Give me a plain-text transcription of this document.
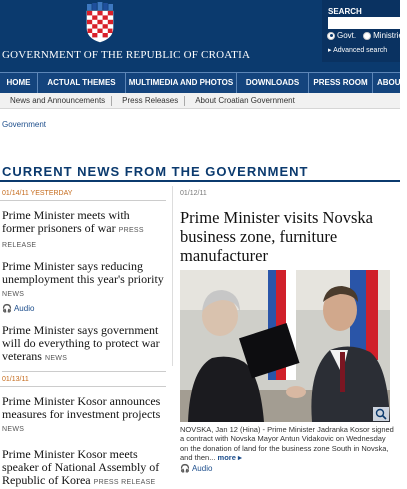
GOVERNMENT OF THE REPUBLIC OF CROATIA
SEARCH
Govt. Ministries
▸ Advanced search
HOME	ACTUAL THEMES	MULTIMEDIA AND PHOTOS	DOWNLOADS	PRESS ROOM	ABOUT
News and Announcements	Press Releases	About Croatian Government
Government
CURRENT NEWS FROM THE GOVERNMENT
01/14/11 YESTERDAY
Prime Minister meets with former prisoners of war PRESS RELEASE
Prime Minister says reducing unemployment this year's priority NEWS
🎧 Audio
Prime Minister says government will do everything to protect war veterans NEWS
01/13/11
Prime Minister Kosor announces measures for investment projects NEWS
Prime Minister Kosor meets speaker of National Assembly of Republic of Korea PRESS RELEASE
01/12/11
Prime Minister visits Novska business zone, furniture manufacturer
NOVSKA, Jan 12 (Hina) - Prime Minister Jadranka Kosor signed a contract with Novska Mayor Antun Vidakovic on Wednesday on the donation of land for the business zone South in Novska, and then... more ▸
🎧 Audio
